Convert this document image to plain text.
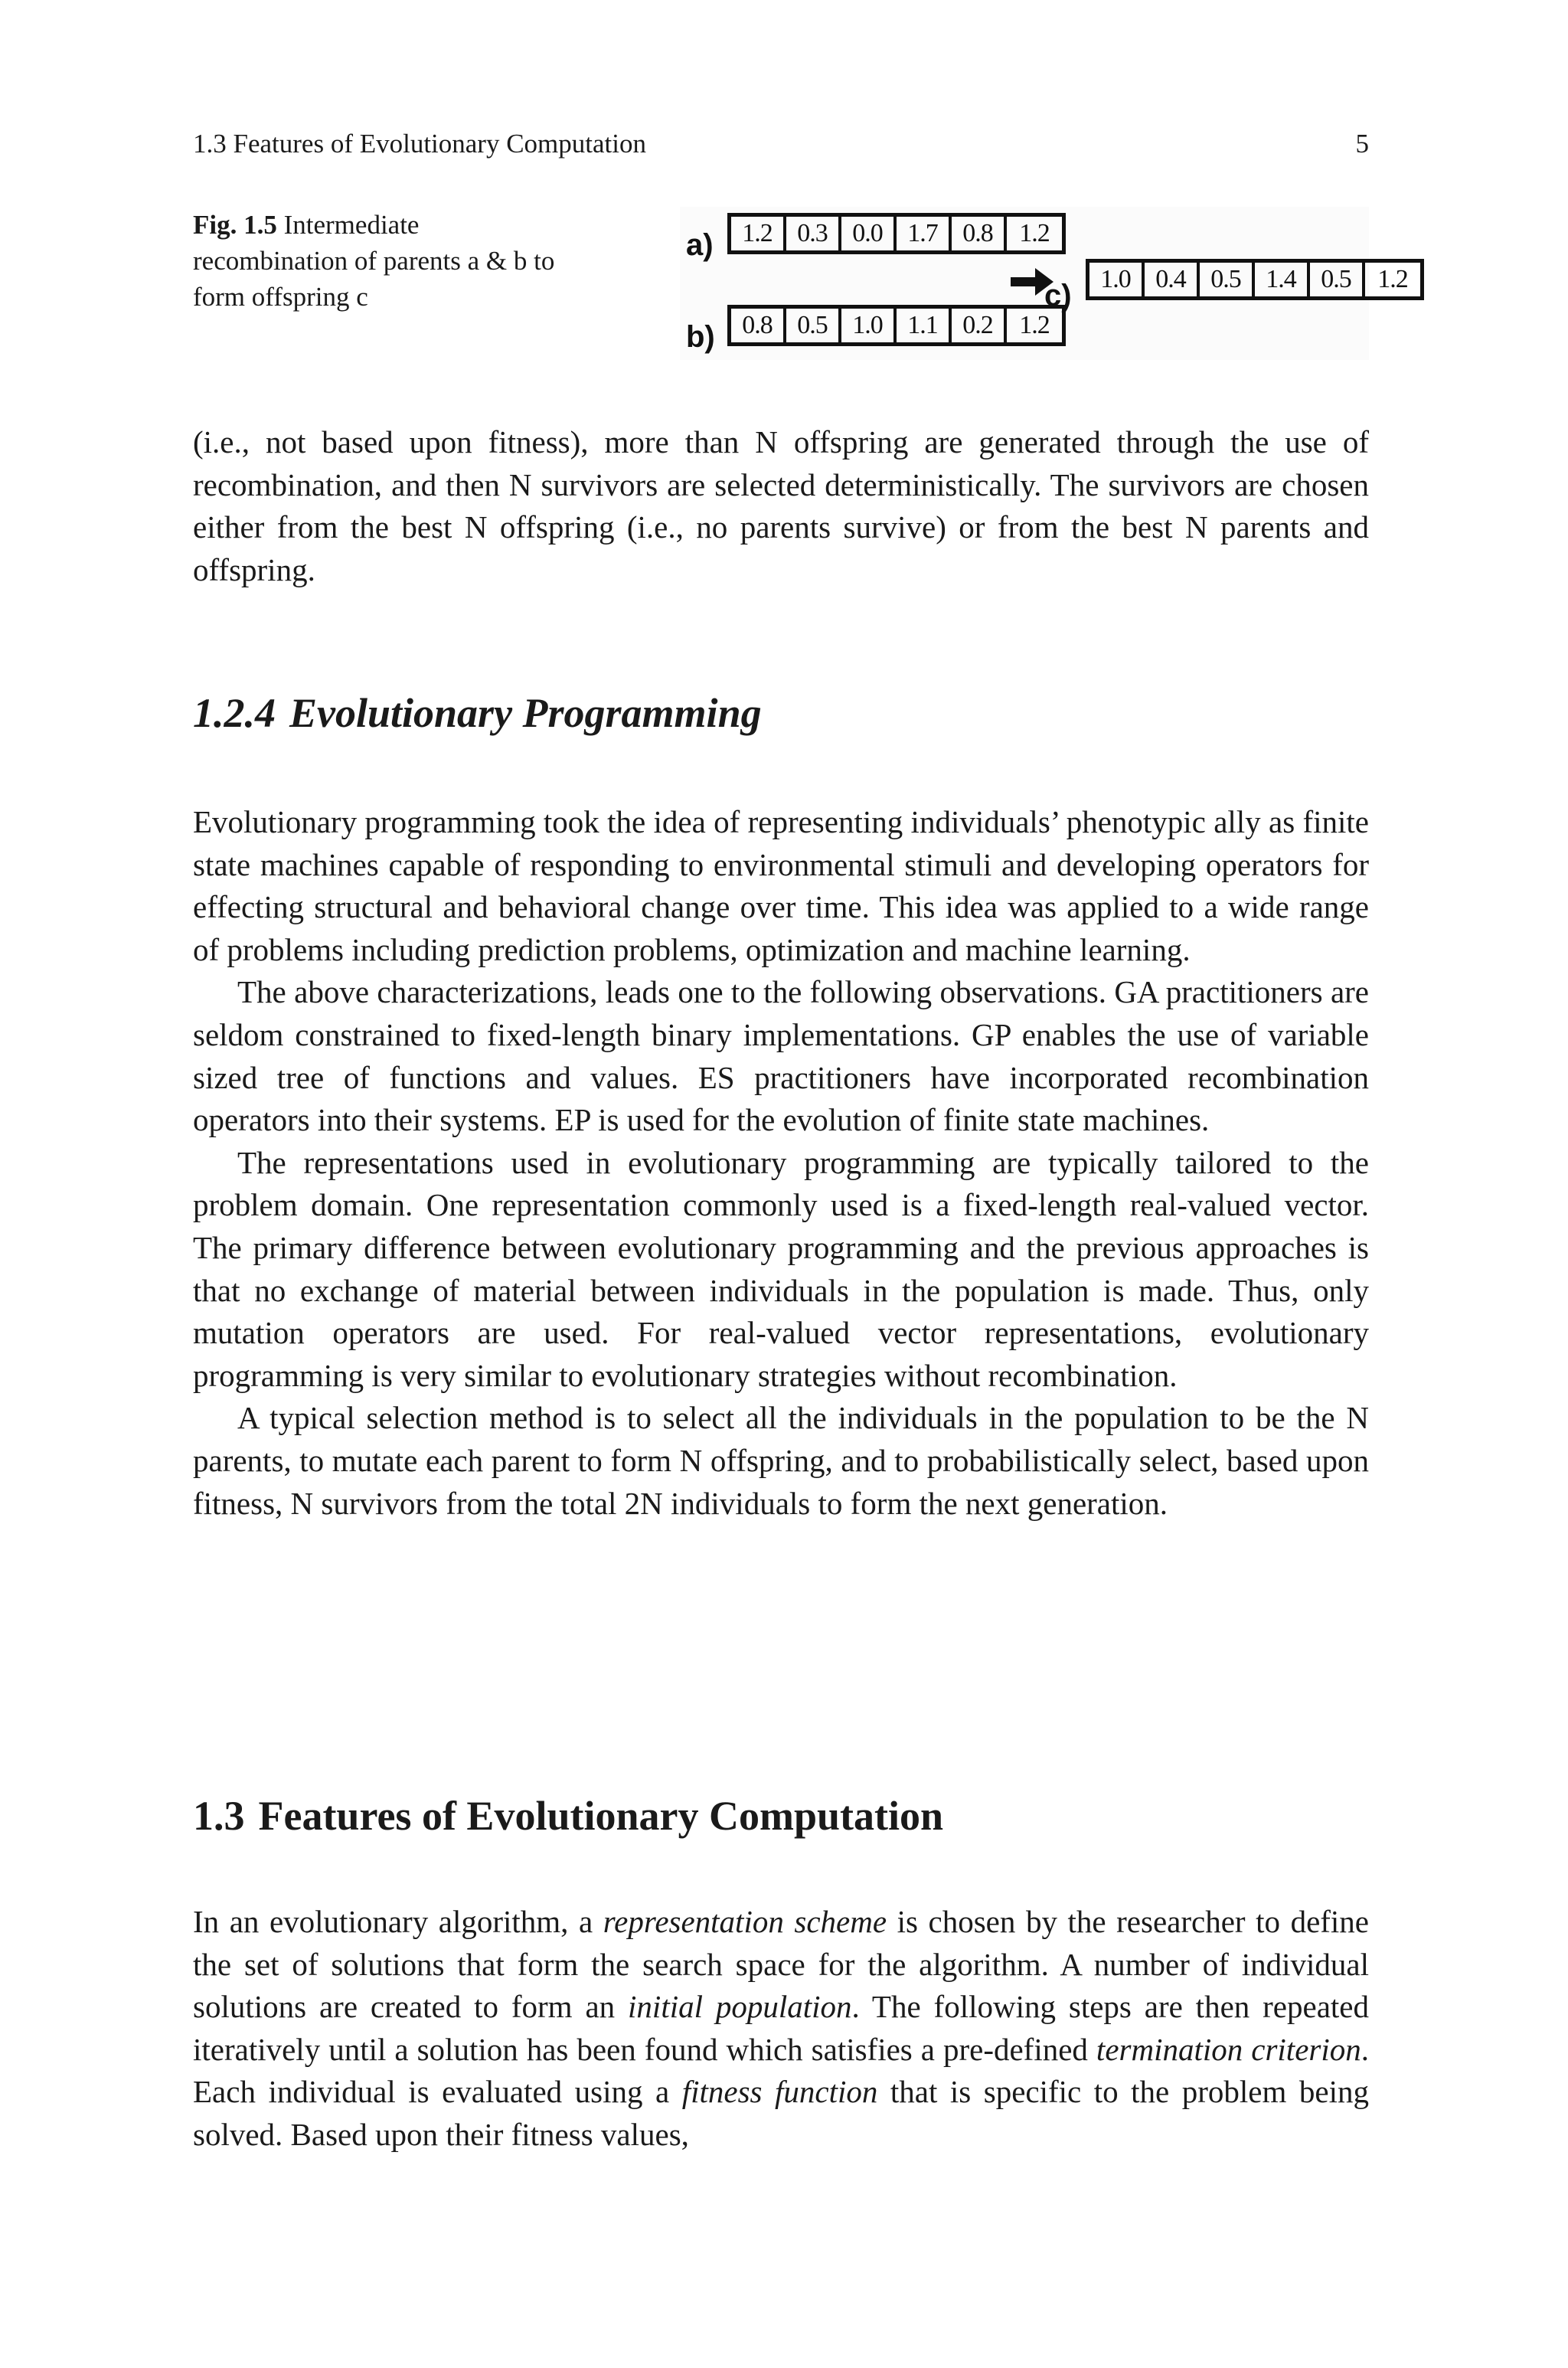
1.3 Features of Evolutionary Computation	5
Fig. 1.5 Intermediate recombination of parents a & b to form offspring c
a)	1.2 0.3 0.0 1.7 0.8	1.2
b)	0.8 0.5 1.0 1.1 0.2	1.2
c)	1.0 0.4 0.5 1.4 0.5	1.2

(i.e., not based upon fitness), more than N offspring are generated through the use of recombination, and then N survivors are selected deterministically. The survivors are chosen either from the best N offspring (i.e., no parents survive) or from the best N parents and offspring.

1.2.4 Evolutionary Programming

Evolutionary programming took the idea of representing individuals’ phenotypic ally as finite state machines capable of responding to environmental stimuli and developing operators for effecting structural and behavioral change over time. This idea was applied to a wide range of problems including prediction problems, optimization and machine learning.

The above characterizations, leads one to the following observations. GA practitioners are seldom constrained to fixed-length binary implementations. GP enables the use of variable sized tree of functions and values. ES practitioners have incorporated recombination operators into their systems. EP is used for the evolution of finite state machines.

The representations used in evolutionary programming are typically tailored to the problem domain. One representation commonly used is a fixed-length real-valued vector. The primary difference between evolutionary programming and the previous approaches is that no exchange of material between individuals in the population is made. Thus, only mutation operators are used. For real-valued vector representations, evolutionary programming is very similar to evolutionary strategies without recombination.

A typical selection method is to select all the individuals in the population to be the N parents, to mutate each parent to form N offspring, and to probabilistically select, based upon fitness, N survivors from the total 2N individuals to form the next generation.

1.3 Features of Evolutionary Computation

In an evolutionary algorithm, a representation scheme is chosen by the researcher to define the set of solutions that form the search space for the algorithm. A number of individual solutions are created to form an initial population. The following steps are then repeated iteratively until a solution has been found which satisfies a pre-defined termination criterion. Each individual is evaluated using a fitness function that is specific to the problem being solved. Based upon their fitness values,
